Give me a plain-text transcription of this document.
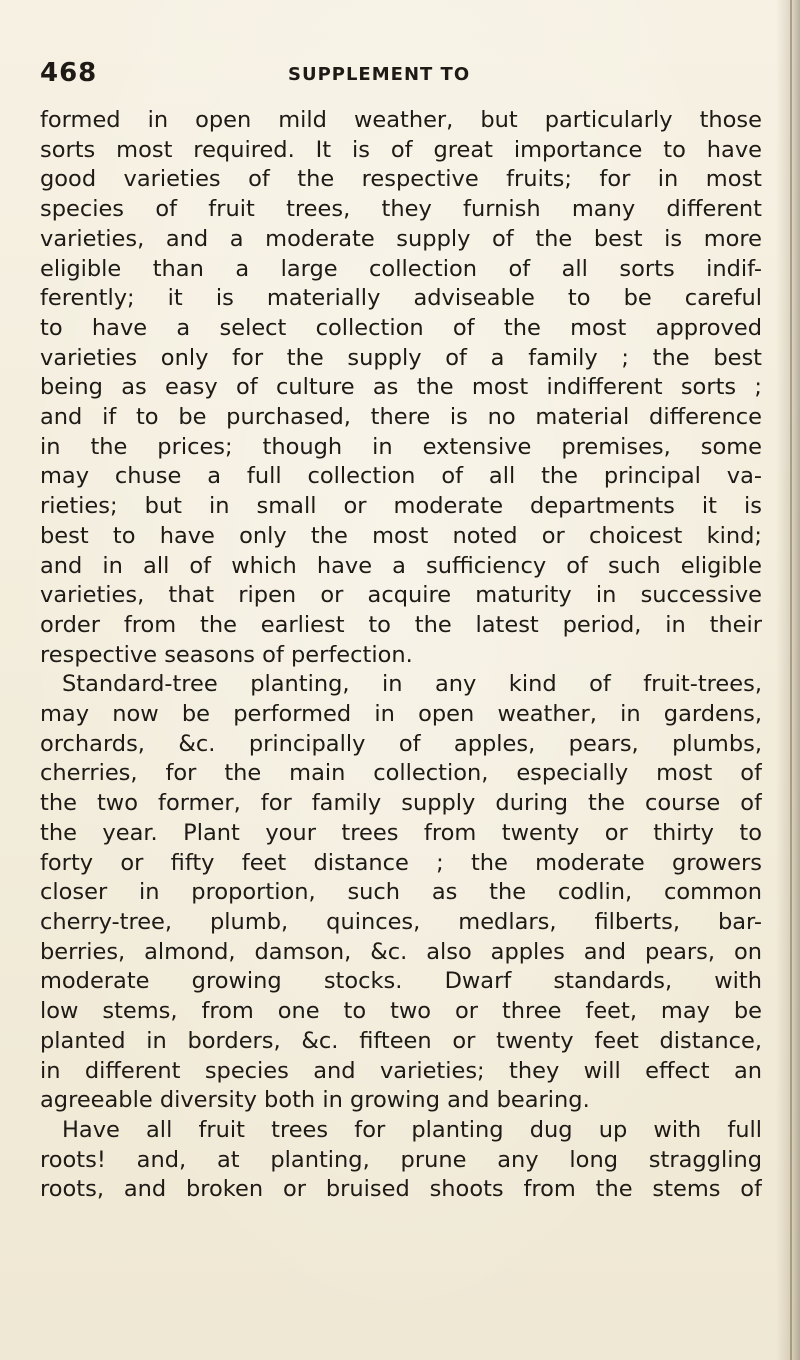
468	SUPPLEMENT TO
formed in open mild weather, but particularly those
sorts most required. It is of great importance to have
good varieties of the respective fruits; for in most
species of fruit trees, they furnish many different
varieties, and a moderate supply of the best is more
eligible than a large collection of all sorts indif-
ferently; it is materially adviseable to be careful
to have a select collection of the most approved
varieties only for the supply of a family ; the best
being as easy of culture as the most indifferent sorts ;
and if to be purchased, there is no material difference
in the prices; though in extensive premises, some
may chuse a full collection of all the principal va-
rieties; but in small or moderate departments it is
best to have only the most noted or choicest kind;
and in all of which have a sufficiency of such eligible
varieties, that ripen or acquire maturity in successive
order from the earliest to the latest period, in their
respective seasons of perfection.
Standard-tree planting, in any kind of fruit-trees,
may now be performed in open weather, in gardens,
orchards, &c. principally of apples, pears, plumbs,
cherries, for the main collection, especially most of
the two former, for family supply during the course of
the year. Plant your trees from twenty or thirty to
forty or fifty feet distance ; the moderate growers
closer in proportion, such as the codlin, common
cherry-tree, plumb, quinces, medlars, filberts, bar-
berries, almond, damson, &c. also apples and pears, on
moderate growing stocks. Dwarf standards, with
low stems, from one to two or three feet, may be
planted in borders, &c. fifteen or twenty feet distance,
in different species and varieties; they will effect an
agreeable diversity both in growing and bearing.
Have all fruit trees for planting dug up with full
roots! and, at planting, prune any long straggling
roots, and broken or bruised shoots from the stems of
